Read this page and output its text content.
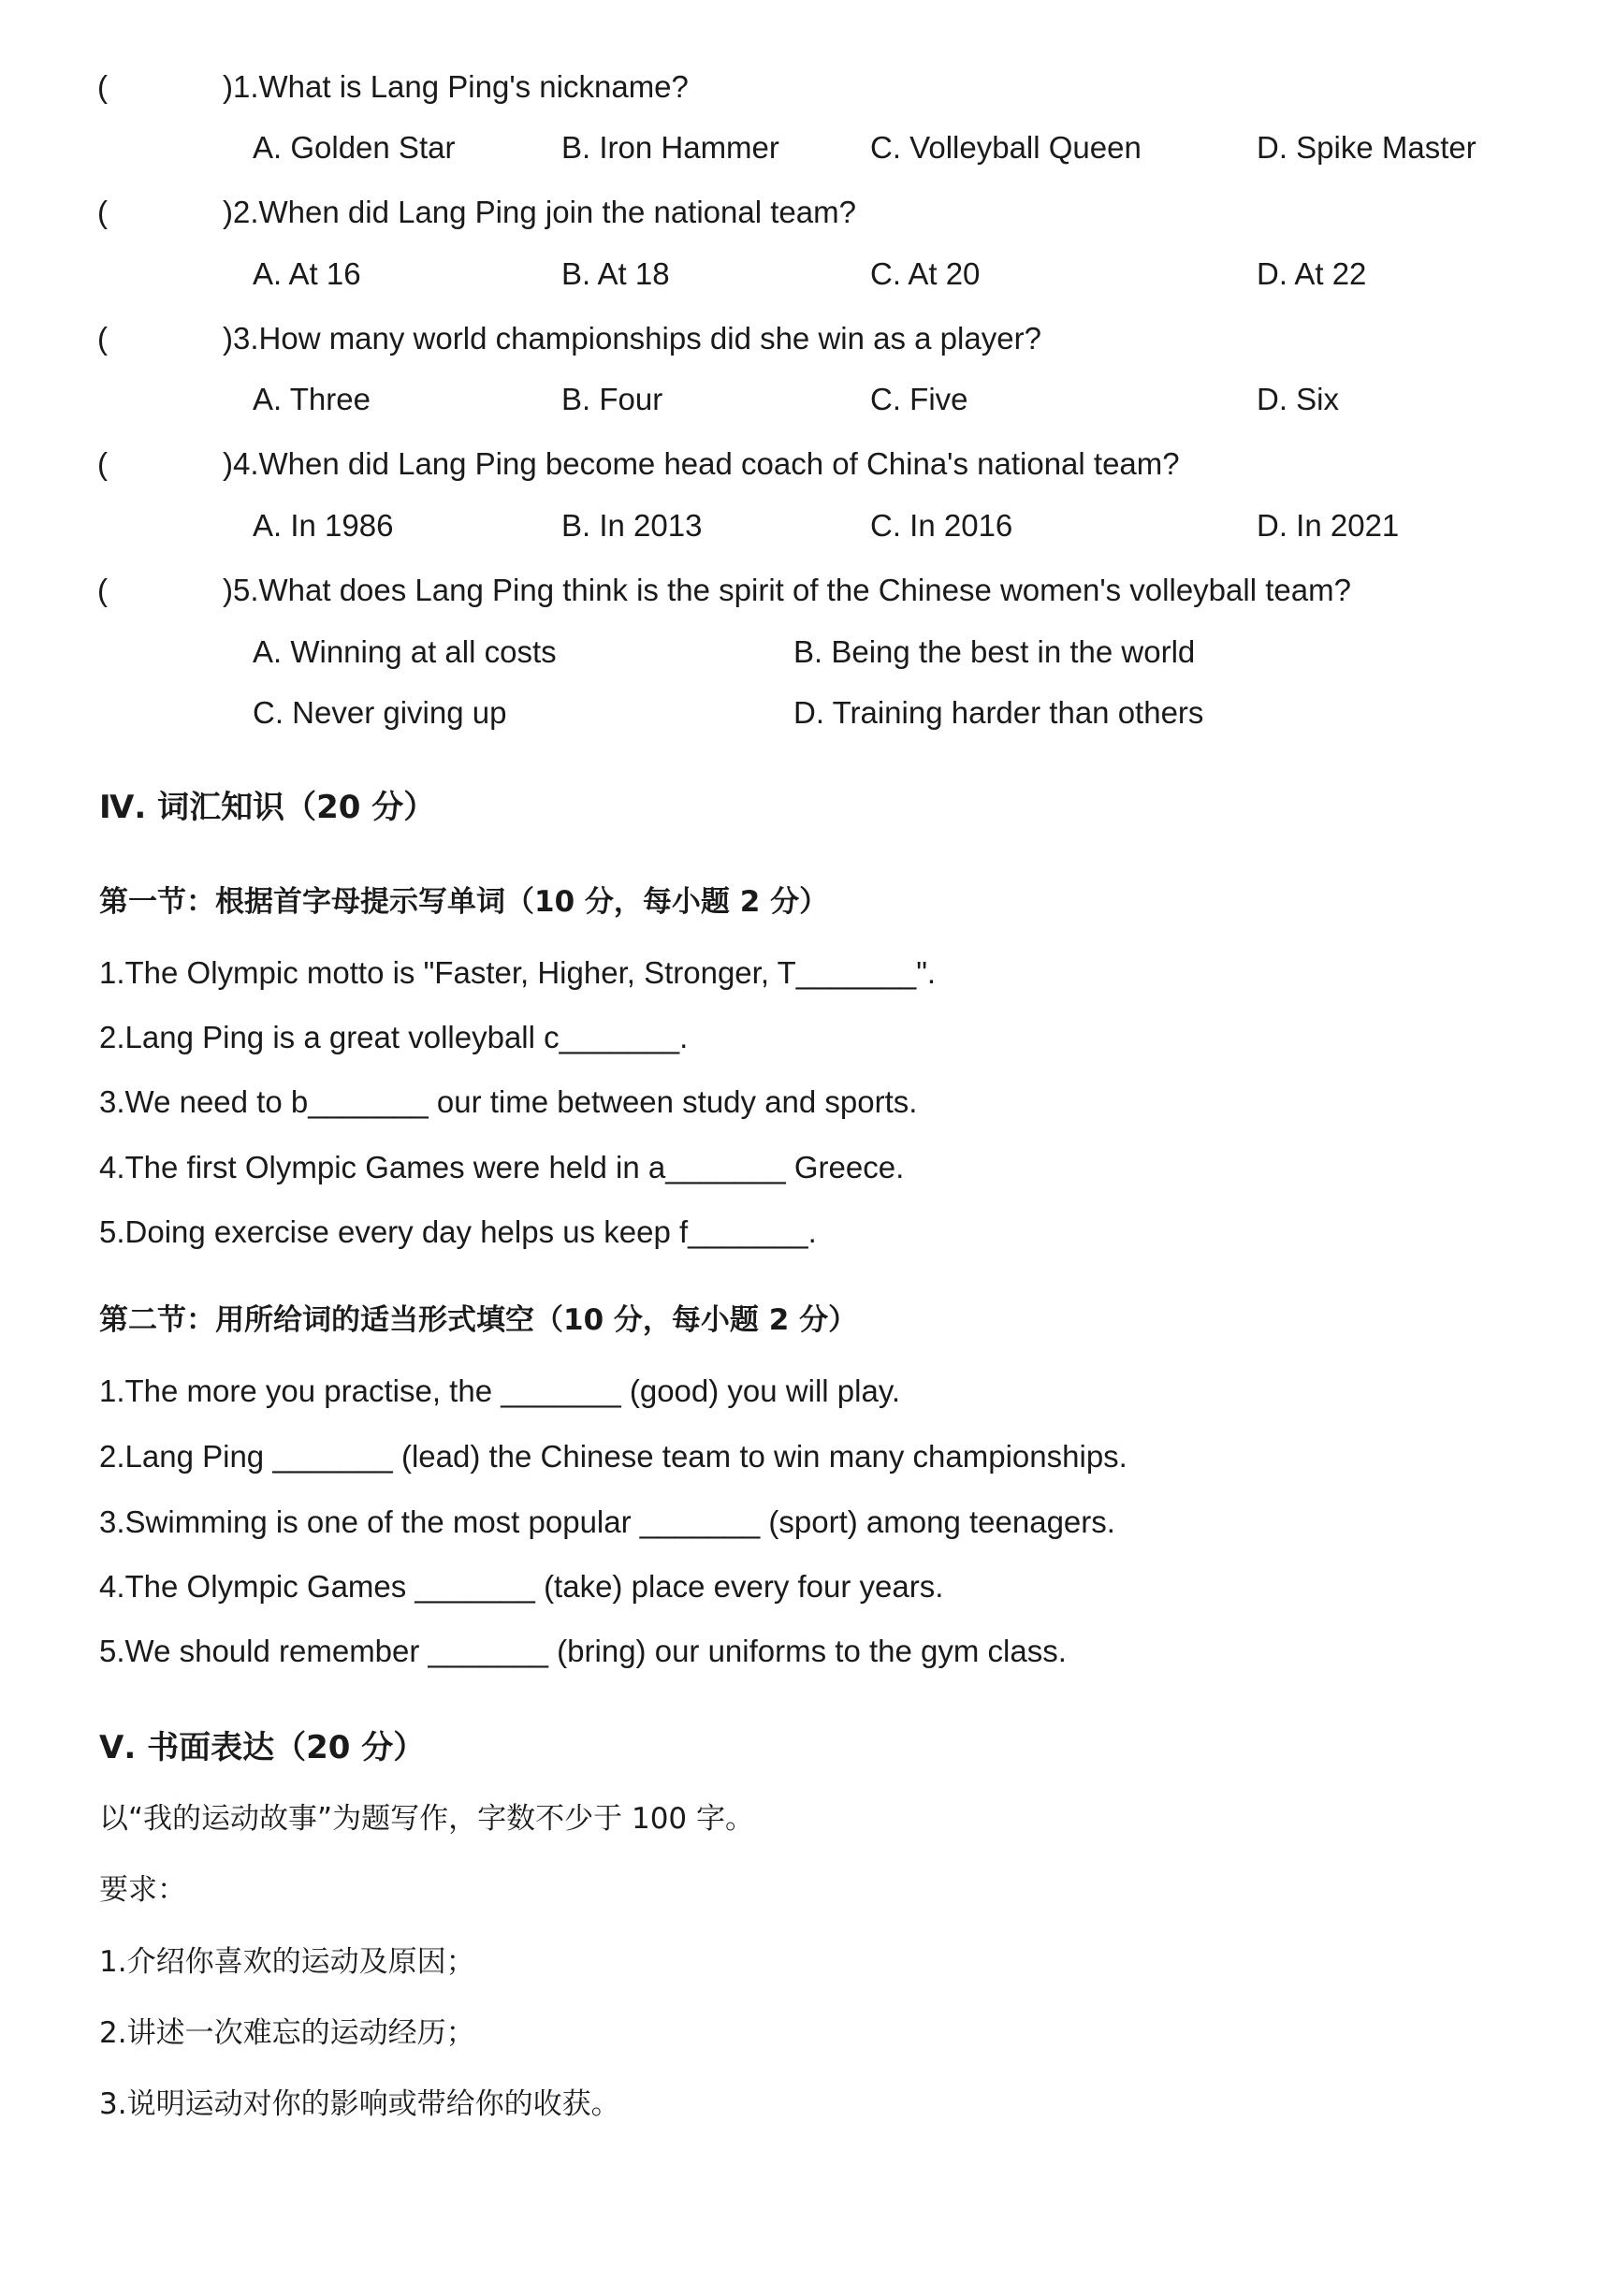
(	)1.What is Lang Ping's nickname?
A. Golden Star	B. Iron Hammer	C. Volleyball Queen	D. Spike Master
(	)2.When did Lang Ping join the national team?
A. At 16	B. At 18	C. At 20	D. At 22
(	)3.How many world championships did she win as a player?
A. Three	B. Four	C. Five	D. Six
(	)4.When did Lang Ping become head coach of China's national team?
A. In 1986	B. In 2013	C. In 2016	D. In 2021
(	)5.What does Lang Ping think is the spirit of the Chinese women's volleyball team?
A. Winning at all costs	B. Being the best in the world
C. Never giving up	D. Training harder than others
Ⅳ. 词汇知识（20 分）
第一节：根据首字母提示写单词（10 分，每小题 2 分）
1.The Olympic motto is "Faster, Higher, Stronger, T_______".
2.Lang Ping is a great volleyball c_______.
3.We need to b_______ our time between study and sports.
4.The first Olympic Games were held in a_______ Greece.
5.Doing exercise every day helps us keep f_______.
第二节：用所给词的适当形式填空（10 分，每小题 2 分）
1.The more you practise, the _______ (good) you will play.
2.Lang Ping _______ (lead) the Chinese team to win many championships.
3.Swimming is one of the most popular _______ (sport) among teenagers.
4.The Olympic Games _______ (take) place every four years.
5.We should remember _______ (bring) our uniforms to the gym class.
Ⅴ. 书面表达（20 分）
以“我的运动故事”为题写作，字数不少于 100 字。
要求：
1.介绍你喜欢的运动及原因；
2.讲述一次难忘的运动经历；
3.说明运动对你的影响或带给你的收获。
